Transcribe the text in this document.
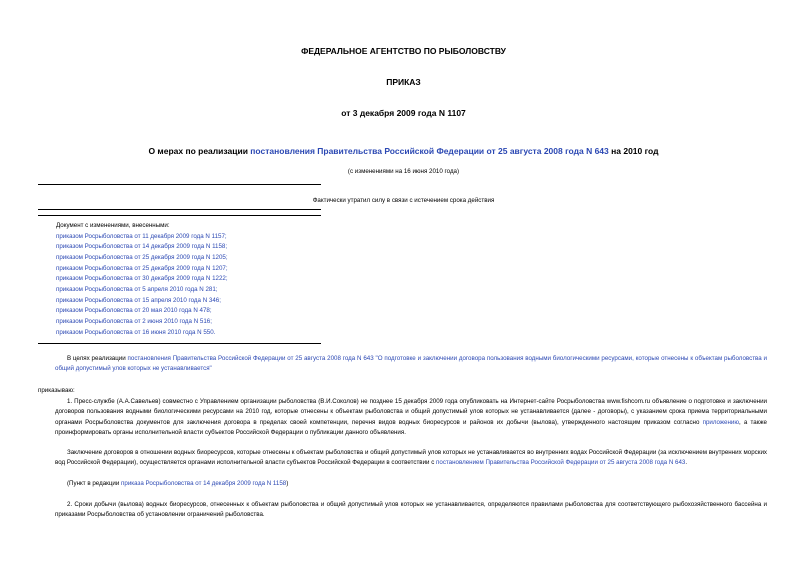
ФЕДЕРАЛЬНОЕ АГЕНТСТВО ПО РЫБОЛОВСТВУ
ПРИКАЗ
от 3 декабря 2009 года N 1107
О мерах по реализации постановления Правительства Российской Федерации от 25 августа 2008 года N 643 на 2010 год
(с изменениями на 16 июня 2010 года)
Фактически утратил силу в связи с истечением срока действия
Документ с изменениями, внесенными:
приказом Росрыболовства от 11 декабря 2009 года N 1157;
приказом Росрыболовства от 14 декабря 2009 года N 1158;
приказом Росрыболовства от 25 декабря 2009 года N 1205;
приказом Росрыболовства от 25 декабря 2009 года N 1207;
приказом Росрыболовства от 30 декабря 2009 года N 1222;
приказом Росрыболовства от 5 апреля 2010 года N 281;
приказом Росрыболовства от 15 апреля 2010 года N 346;
приказом Росрыболовства от 20 мая 2010 года N 478;
приказом Росрыболовства от 2 июня 2010 года N 516;
приказом Росрыболовства от 16 июня 2010 года N 550.
В целях реализации постановления Правительства Российской Федерации от 25 августа 2008 года N 643 "О подготовке и заключении договора пользования водными биологическими ресурсами, которые отнесены к объектам рыболовства и общий допустимый улов которых не устанавливается"
приказываю:
1. Пресс-службе (А.А.Савельев) совместно с Управлением организации рыболовства (В.И.Соколов) не позднее 15 декабря 2009 года опубликовать на Интернет-сайте Росрыболовства www.fishcom.ru объявление о подготовке и заключении договоров пользования водными биологическими ресурсами на 2010 год, которые отнесены к объектам рыболовства и общий допустимый улов которых не устанавливается (далее - договоры), с указанием срока приема территориальными органами Росрыболовства документов для заключения договора в пределах своей компетенции, перечня видов водных биоресурсов и районов их добычи (вылова), утвержденного настоящим приказом согласно приложению, а также проинформировать органы исполнительной власти субъектов Российской Федерации о публикации данного объявления.
Заключение договоров в отношении водных биоресурсов, которые отнесены к объектам рыболовства и общий допустимый улов которых не устанавливается во внутренних водах Российской Федерации (за исключением внутренних морских вод Российской Федерации), осуществляется органами исполнительной власти субъектов Российской Федерации в соответствии с постановлением Правительства Российской Федерации от 25 августа 2008 года N 643.
(Пункт в редакции приказа Росрыболовства от 14 декабря 2009 года N 1158)
2. Сроки добычи (вылова) водных биоресурсов, отнесенных к объектам рыболовства и общий допустимый улов которых не устанавливается, определяются правилами рыболовства для соответствующего рыбохозяйственного бассейна и приказами Росрыболовства об установлении ограничений рыболовства.
